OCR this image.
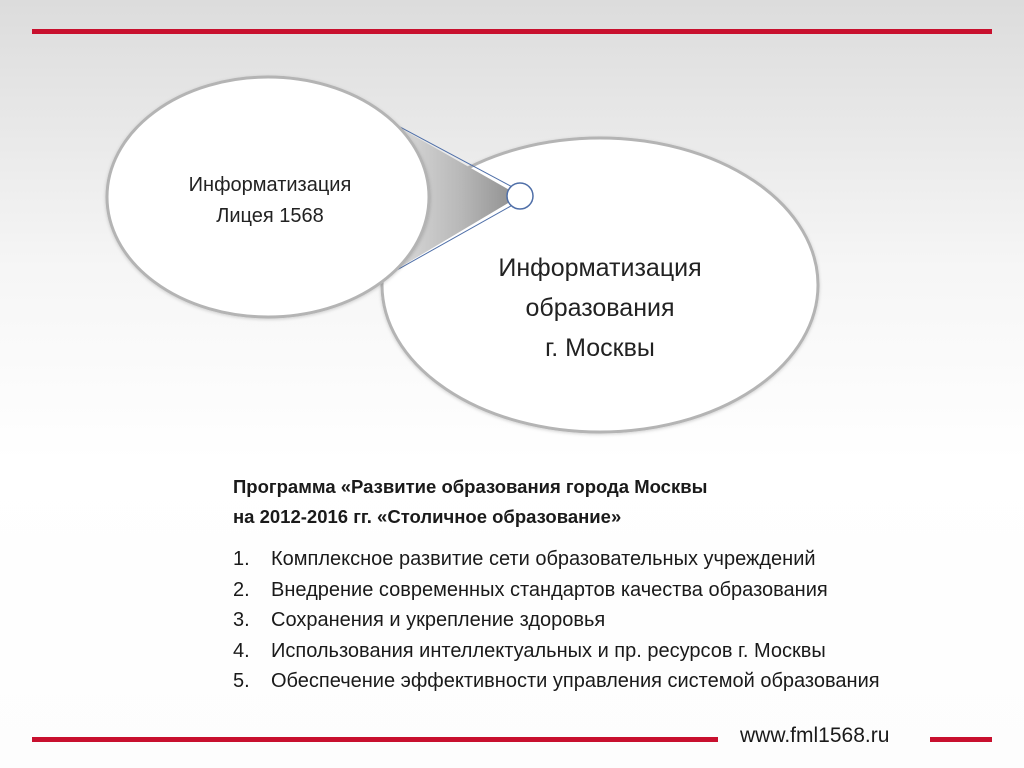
Информатизация
Лицея 1568
Информатизация
образования
г. Москвы
Программа «Развитие образования города Москвы
на 2012-2016 гг. «Столичное образование»
1. Комплексное развитие сети образовательных учреждений
2. Внедрение современных стандартов качества образования
3. Сохранения и укрепление здоровья
4. Использования интеллектуальных и пр. ресурсов г. Москвы
5. Обеспечение эффективности управления системой образования
www.fml1568.ru
